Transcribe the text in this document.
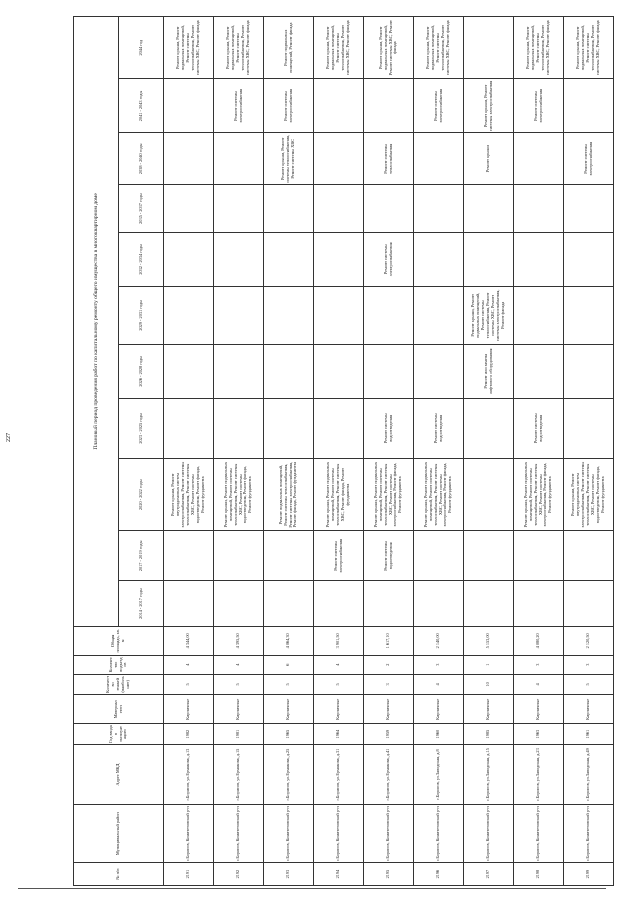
227
№ п/п	Муниципальный район	Адрес МКД	Год ввода в эксплуатацию	Материал стен	Количество этажей (наибольшее)	Количество подъездов	Общая площадь, кв. м	Плановый период проведения работ по капитальному ремонту общего имущества в многоквартирном доме										
								2014 - 2017 годы	2017 - 2019 годы	2020 - 2022 годы	2023 - 2025 годы	2026 - 2028 годы	2029 - 2031 годы	2032 - 2034 годы	2035 - 2037 годы	2038 - 2040 годы	2041 - 2043 годы	2044 год
2191	г.Борисов, Комитетовский р-н	г.Борисов, ул.Ермакова, д.13	1982	Кирпичные	5	4	4 344,00			Ремонт крыши, Ремонт внутридомовых систем электроснабжения, Ремонт системы теплоснабжения, Ремонт системы ХВС, Ремонт системы водоотведения, Ремонт фасада, Ремонт фундамента								Ремонт крыши, Ремонт подвальных помещений, Ремонт системы теплоснабжения, Ремонт системы ХВС, Ремонт фасада
2192	г.Борисов, Комитетовский р-н	г.Борисов, ул.Ермакова, д.15	1981	Кирпичные	5	4	4 395,50			Ремонт крыши, Ремонт подвальных помещений, Ремонт системы теплоснабжения, Ремонт системы ХВС, Ремонт системы водоотведения, Ремонт фасада, Ремонт фундамента							Ремонт системы электроснабжения	Ремонт крыши, Ремонт подвальных помещений, Ремонт системы теплоснабжения, Ремонт системы ХВС, Ремонт фасада
2193	г.Борисов, Комитетовский р-н	г.Борисов, ул.Ермакова, д.25	1965	Кирпичные	5	6	4 064,30			Ремонт подвальных помещений, Ремонт системы теплоснабжения, Ремонт системы электроснабжения, Ремонт фасада, Ремонт фундамента						Ремонт крыши, Ремонт системы теплоснабжения, Ремонт системы ХВС	Ремонт системы электроснабжения	Ремонт подвальных помещений, Ремонт фасада
2194	г.Борисов, Комитетовский р-н	г.Борисов, ул.Ермакова, д.31	1964	Кирпичные	5	4	3 901,50		Ремонт системы электроснабжения	Ремонт крыши, Ремонт подвальных помещений, Ремонт системы теплоснабжения, Ремонт системы ХВС, Ремонт фасада, Ремонт фундамента								Ремонт крыши, Ремонт подвальных помещений, Ремонт системы теплоснабжения, Ремонт системы ХВС, Ремонт фасада
2195	г.Борисов, Комитетовский р-н	г.Борисов, ул.Ермакова, д.41	1959	Кирпичные	3	2	1 617,10		Ремонт системы водоотведения	Ремонт крыши, Ремонт подвальных помещений, Ремонт системы теплоснабжения, Ремонт системы ХВС, Ремонт системы электроснабжения, Ремонт фасада, Ремонт фундамента	Ремонт системы водоотведения			Ремонт системы электроснабжения		Ремонт системы теплоснабжения		Ремонт крыши, Ремонт подвальных помещений, Ремонт системы ХВС, Ремонт фасада
2196	г.Борисов, Комитетовский р-н	г.Борисов, ул.Заводская, д.8	1960	Кирпичные	4	3	2 140,00			Ремонт крыши, Ремонт подвальных помещений, Ремонт системы теплоснабжения, Ремонт системы ХВС, Ремонт системы электроснабжения, Ремонт фасада, Ремонт фундамента	Ремонт системы водоотведения						Ремонт системы электроснабжения	Ремонт крыши, Ремонт подвальных помещений, Ремонт системы теплоснабжения, Ремонт системы ХВС, Ремонт фасада
2197	г.Борисов, Комитетовский р-н	г.Борисов, ул.Заводская, д.15	1985	Кирпичные	10	1	5 153,00					Ремонт или замена лифтового оборудования	Ремонт крыши, Ремонт подвальных помещений, Ремонт системы теплоснабжения, Ремонт системы ХВС, Ремонт системы электроснабжения, Ремонт фасада			Ремонт крыши	Ремонт крыши, Ремонт системы электроснабжения	
2198	г.Борисов, Комитетовский р-н	г.Борисов, ул.Заводская, д.23	1963	Кирпичные	4	3	4 080,20			Ремонт крыши, Ремонт подвальных помещений, Ремонт системы теплоснабжения, Ремонт системы ХВС, Ремонт системы электроснабжения, Ремонт фасада, Ремонт фундамента	Ремонт системы водоотведения						Ремонт системы электроснабжения	Ремонт крыши, Ремонт подвальных помещений, Ремонт системы теплоснабжения, Ремонт системы ХВС, Ремонт фасада
2199	г.Борисов, Комитетовский р-н	г.Борисов, ул.Заводская, д.49	1961	Кирпичные	5	3	2 120,50			Ремонт крыши, Ремонт внутридомовых систем электроснабжения, Ремонт системы теплоснабжения, Ремонт системы ХВС, Ремонт системы водоотведения, Ремонт фасада, Ремонт фундамента						Ремонт системы электроснабжения		Ремонт крыши, Ремонт подвальных помещений, Ремонт системы теплоснабжения, Ремонт системы ХВС, Ремонт фасада
